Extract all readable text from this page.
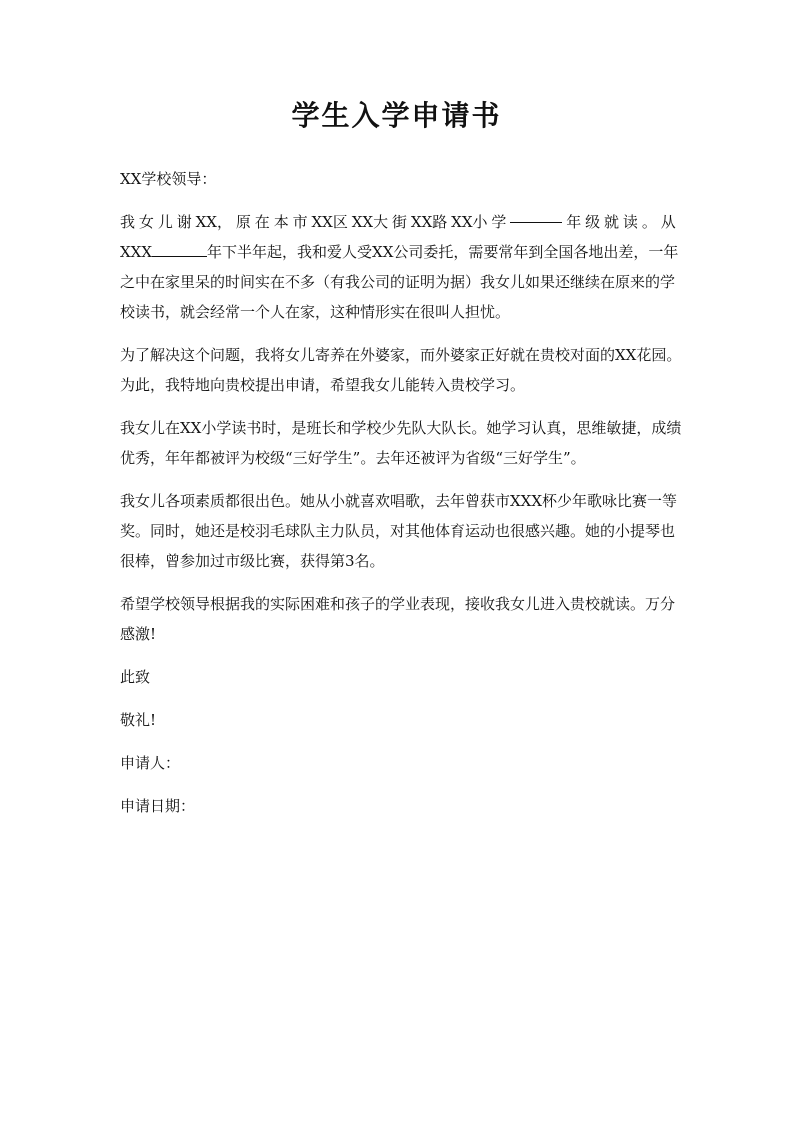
学生入学申请书

XX学校领导：

我 女 儿 谢 XX， 原 在 本 市 XX区 XX大 街 XX路 XX小 学	年 级 就 读 。 从
XXX	年下半年起，我和爱人受XX公司委托，需要常年到全国各地出差，一年
之中在家里呆的时间实在不多（有我公司的证明为据）我女儿如果还继续在原来的学
校读书，就会经常一个人在家，这种情形实在很叫人担忧。
为了解决这个问题，我将女儿寄养在外婆家，而外婆家正好就在贵校对面的XX花园。
为此，我特地向贵校提出申请，希望我女儿能转入贵校学习。
我女儿在XX小学读书时，是班长和学校少先队大队长。她学习认真，思维敏捷，成绩
优秀，年年都被评为校级“三好学生”。去年还被评为省级“三好学生”。
我女儿各项素质都很出色。她从小就喜欢唱歌，去年曾获市XXX杯少年歌咏比赛一等
奖。同时，她还是校羽毛球队主力队员，对其他体育运动也很感兴趣。她的小提琴也
很棒，曾参加过市级比赛，获得第3名。
希望学校领导根据我的实际困难和孩子的学业表现，接收我女儿进入贵校就读。万分
感激!

此致

敬礼!

申请人：

申请日期：
